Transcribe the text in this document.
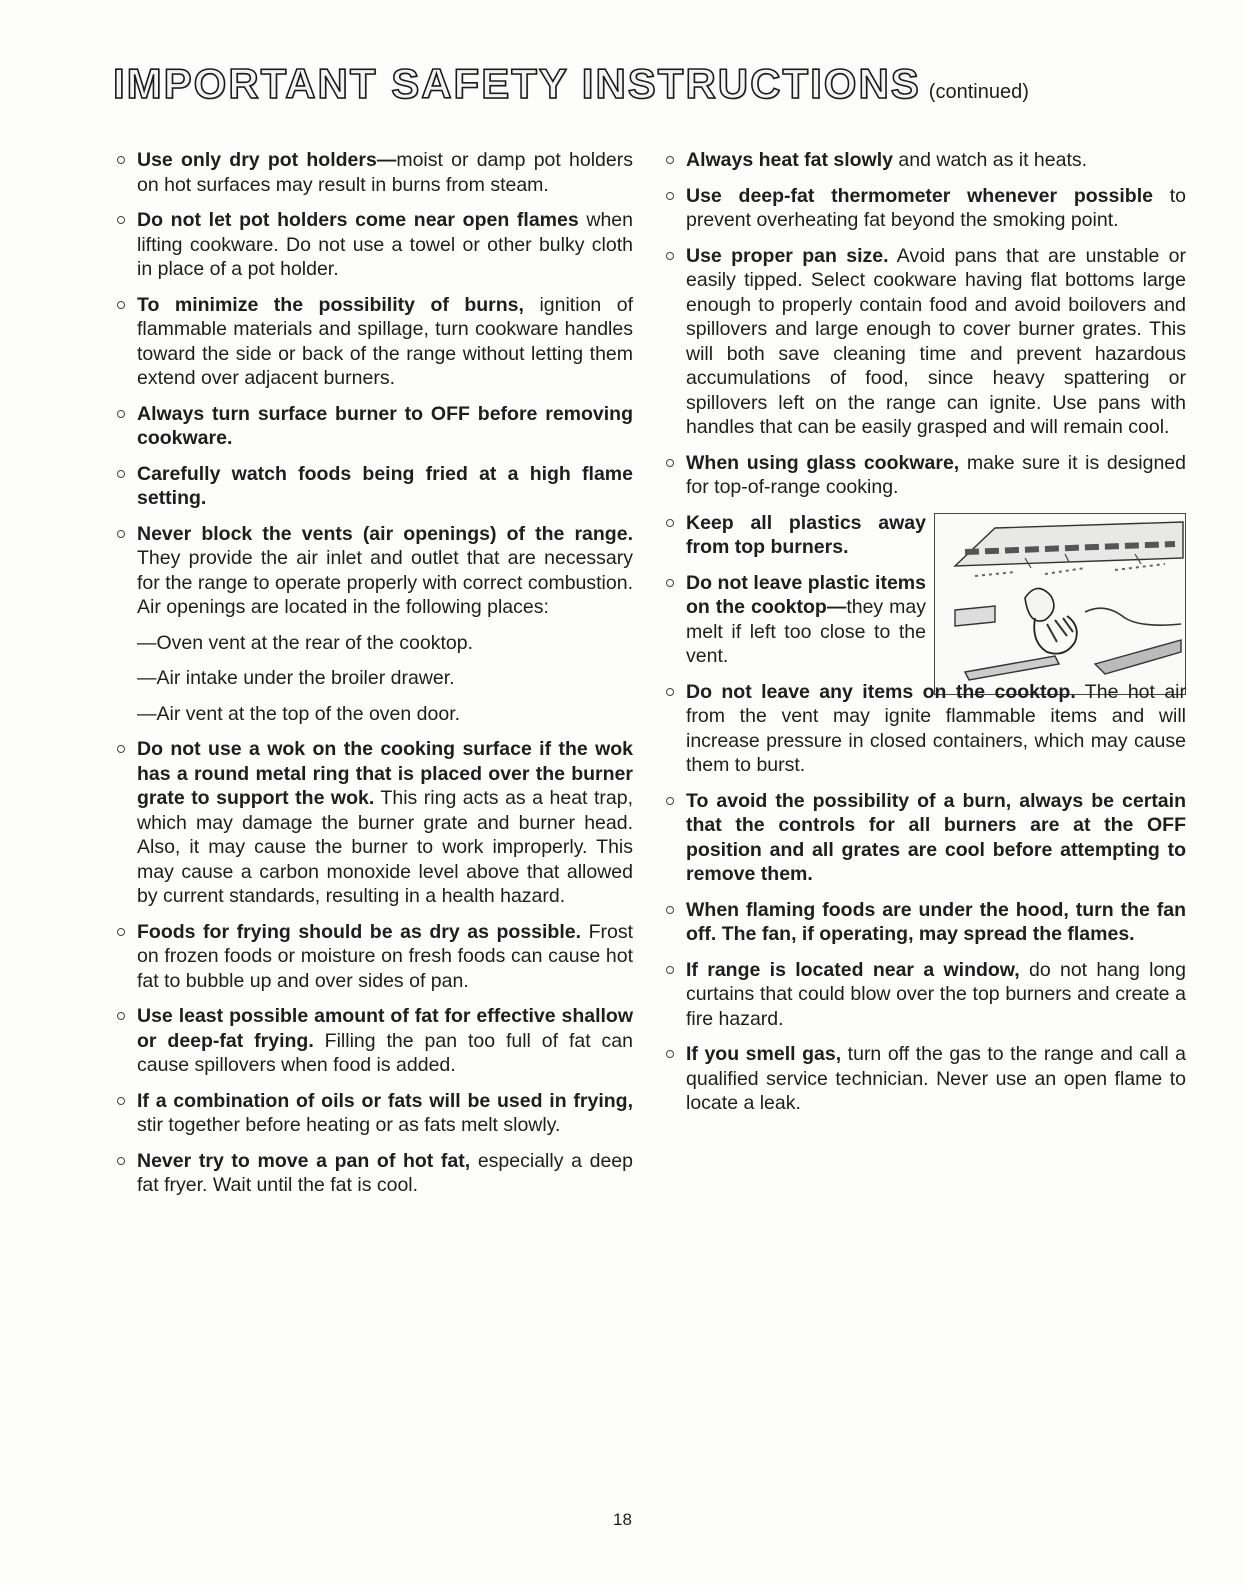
IMPORTANT SAFETY INSTRUCTIONS (continued)

Use only dry pot holders—moist or damp pot holders on hot surfaces may result in burns from steam.

Do not let pot holders come near open flames when lifting cookware. Do not use a towel or other bulky cloth in place of a pot holder.

To minimize the possibility of burns, ignition of flammable materials and spillage, turn cookware handles toward the side or back of the range without letting them extend over adjacent burners.

Always turn surface burner to OFF before removing cookware.

Carefully watch foods being fried at a high flame setting.

Never block the vents (air openings) of the range. They provide the air inlet and outlet that are necessary for the range to operate properly with correct combustion. Air openings are located in the following places:

—Oven vent at the rear of the cooktop.

—Air intake under the broiler drawer.

—Air vent at the top of the oven door.

Do not use a wok on the cooking surface if the wok has a round metal ring that is placed over the burner grate to support the wok. This ring acts as a heat trap, which may damage the burner grate and burner head. Also, it may cause the burner to work improperly. This may cause a carbon monoxide level above that allowed by current standards, resulting in a health hazard.

Foods for frying should be as dry as possible. Frost on frozen foods or moisture on fresh foods can cause hot fat to bubble up and over sides of pan.

Use least possible amount of fat for effective shallow or deep-fat frying. Filling the pan too full of fat can cause spillovers when food is added.

If a combination of oils or fats will be used in frying, stir together before heating or as fats melt slowly.

Never try to move a pan of hot fat, especially a deep fat fryer. Wait until the fat is cool.

Always heat fat slowly and watch as it heats.

Use deep-fat thermometer whenever possible to prevent overheating fat beyond the smoking point.

Use proper pan size. Avoid pans that are unstable or easily tipped. Select cookware having flat bottoms large enough to properly contain food and avoid boilovers and spillovers and large enough to cover burner grates. This will both save cleaning time and prevent hazardous accumulations of food, since heavy spattering or spillovers left on the range can ignite. Use pans with handles that can be easily grasped and will remain cool.

When using glass cookware, make sure it is designed for top-of-range cooking.

Keep all plastics away from top burners.

Do not leave plastic items on the cooktop—they may melt if left too close to the vent.

Do not leave any items on the cooktop. The hot air from the vent may ignite flammable items and will increase pressure in closed containers, which may cause them to burst.

To avoid the possibility of a burn, always be certain that the controls for all burners are at the OFF position and all grates are cool before attempting to remove them.

When flaming foods are under the hood, turn the fan off. The fan, if operating, may spread the flames.

If range is located near a window, do not hang long curtains that could blow over the top burners and create a fire hazard.

If you smell gas, turn off the gas to the range and call a qualified service technician. Never use an open flame to locate a leak.

18
